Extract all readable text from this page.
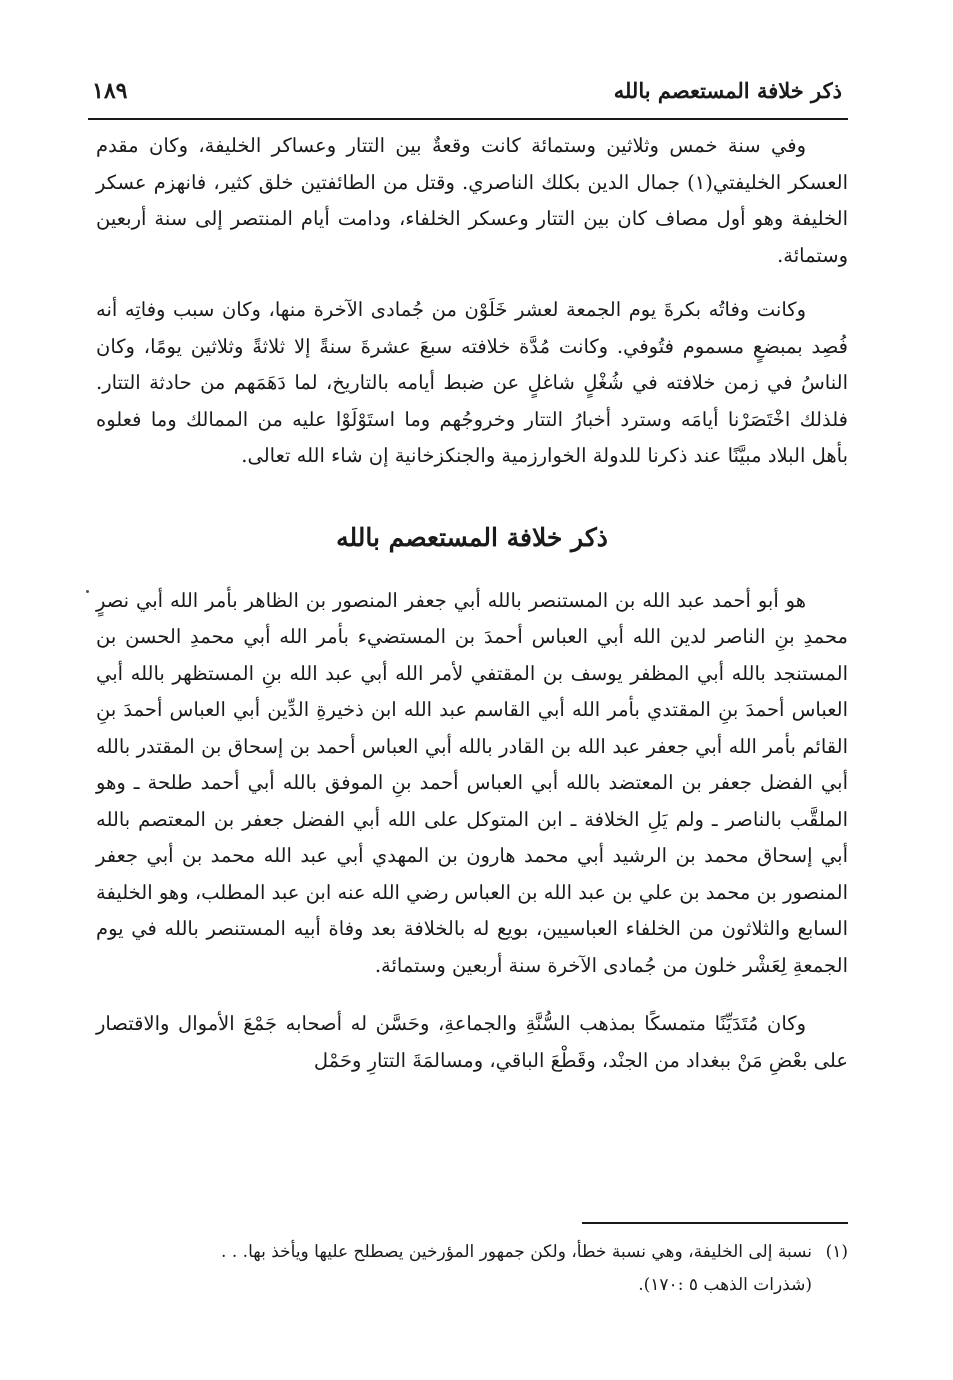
ذكر خلافة المستعصم بالله
١٨٩

وفي سنة خمس وثلاثين وستمائة كانت وقعةٌ بين التتار وعساكر الخليفة، وكان مقدم العسكر الخليفتي(١) جمال الدين بكلك الناصري. وقتل من الطائفتين خلق كثير، فانهزم عسكر الخليفة وهو أول مصاف كان بين التتار وعسكر الخلفاء، ودامت أيام المنتصر إلى سنة أربعين وستمائة.

وكانت وفاتُه بكرةَ يوم الجمعة لعشر خَلَوْن من جُمادى الآخرة منها، وكان سبب وفاتِه أنه فُصِد بمبضعٍ مسموم فتُوفي. وكانت مُدَّة خلافته سبعَ عشرةَ سنةً إلا ثلاثةً وثلاثين يومًا، وكان الناسُ في زمن خلافته في شُغْلٍ شاغلٍ عن ضبط أيامه بالتاريخ، لما دَهَمَهم من حادثة التتار. فلذلك اخْتَصَرْنا أيامَه وسترد أخبارُ التتار وخروجُهم وما استَوْلَوْا عليه من الممالك وما فعلوه بأهل البلاد مبيَّنًا عند ذكرنا للدولة الخوارزمية والجنكزخانية إن شاء الله تعالى.

ذكر خلافة المستعصم بالله

هو أبو أحمد عبد الله بن المستنصر بالله أبي جعفر المنصور بن الظاهر بأمر الله أبي نصرٍ محمدِ بنِ الناصر لدين الله أبي العباس أحمدَ بن المستضيء بأمر الله أبي محمدِ الحسن بن المستنجد بالله أبي المظفر يوسف بن المقتفي لأمر الله أبي عبد الله بنِ المستظهر بالله أبي العباس أحمدَ بنِ المقتدي بأمر الله أبي القاسم عبد الله ابن ذخيرةِ الدِّين أبي العباس أحمدَ بنِ القائم بأمر الله أبي جعفر عبد الله بن القادر بالله أبي العباس أحمد بن إسحاق بن المقتدر بالله أبي الفضل جعفر بن المعتضد بالله أبي العباس أحمد بنِ الموفق بالله أبي أحمد طلحة ـ وهو الملقَّب بالناصر ـ ولم يَلِ الخلافة ـ ابن المتوكل على الله أبي الفضل جعفر بن المعتصم بالله أبي إسحاق محمد بن الرشيد أبي محمد هارون بن المهدي أبي عبد الله محمد بن أبي جعفر المنصور بن محمد بن علي بن عبد الله بن العباس رضي الله عنه ابن عبد المطلب، وهو الخليفة السابع والثلاثون من الخلفاء العباسيين، بويع له بالخلافة بعد وفاة أبيه المستنصر بالله في يوم الجمعةِ لِعَشْر خلون من جُمادى الآخرة سنة أربعين وستمائة.

وكان مُتَدَيِّنًا متمسكًا بمذهب السُّنَّةِ والجماعةِ، وحَسَّن له أصحابه جَمْعَ الأموال والاقتصار على بعْضِ مَنْ ببغداد من الجنْد، وقَطْعَ الباقي، ومسالمَةَ التتارِ وحَمْل

(١)نسبة إلى الخليفة، وهي نسبة خطأ، ولكن جمهور المؤرخين يصطلح عليها ويأخذ بها. . .
(شذرات الذهب ٥ :١٧٠).
